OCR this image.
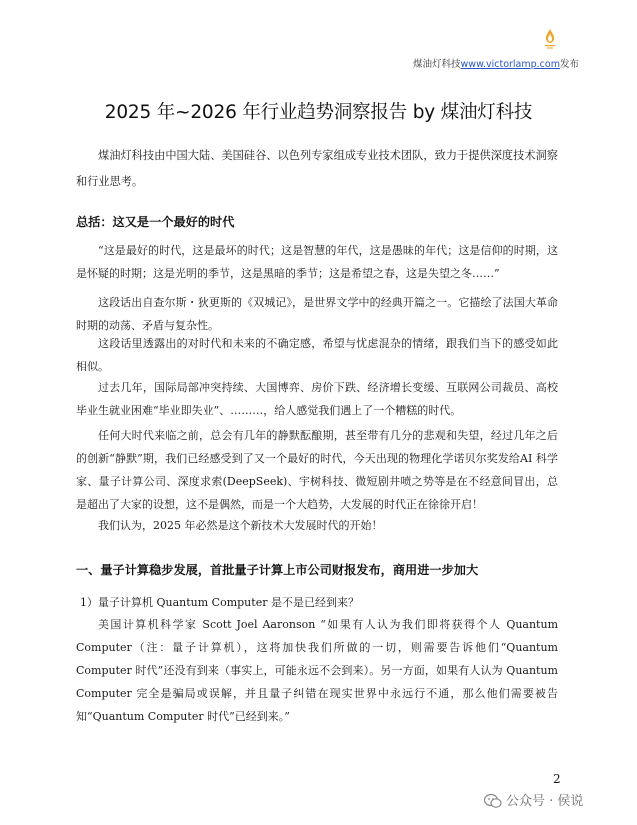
煤油灯科技www.victorlamp.com发布
2025 年~2026 年行业趋势洞察报告 by 煤油灯科技
煤油灯科技由中国大陆、美国硅谷、以色列专家组成专业技术团队，致力于提供深度技术洞察和行业思考。
总括：这又是一个最好的时代
“这是最好的时代，这是最坏的时代；这是智慧的年代，这是愚昧的年代；这是信仰的时期，这是怀疑的时期；这是光明的季节，这是黑暗的季节；这是希望之春，这是失望之冬……”
这段话出自查尔斯・狄更斯的《双城记》，是世界文学中的经典开篇之一。它描绘了法国大革命时期的动荡、矛盾与复杂性。
这段话里透露出的对时代和未来的不确定感，希望与忧虑混杂的情绪，跟我们当下的感受如此相似。
过去几年，国际局部冲突持续、大国博弈、房价下跌、经济增长变缓、互联网公司裁员、高校毕业生就业困难“毕业即失业”、………，给人感觉我们遇上了一个糟糕的时代。
任何大时代来临之前，总会有几年的静默酝酿期，甚至带有几分的悲观和失望，经过几年之后的创新“静默”期，我们已经感受到了又一个最好的时代，今天出现的物理化学诺贝尔奖发给AI 科学家、量子计算公司、深度求索(DeepSeek)、宇树科技、微短剧井喷之势等是在不经意间冒出，总是超出了大家的设想，这不是偶然，而是一个大趋势，大发展的时代正在徐徐开启！
我们认为，2025 年必然是这个新技术大发展时代的开始！
一、量子计算稳步发展，首批量子计算上市公司财报发布，商用进一步加大
1）量子计算机 Quantum Computer 是不是已经到来？
美国计算机科学家 Scott Joel Aaronson “如果有人认为我们即将获得个人 Quantum Computer（注：量子计算机），这将加快我们所做的一切，则需要告诉他们“Quantum Computer 时代”还没有到来（事实上，可能永远不会到来）。另一方面，如果有人认为 Quantum Computer 完全是骗局或误解，并且量子纠错在现实世界中永远行不通，那么他们需要被告知“Quantum Computer 时代”已经到来。”
2
公众号 · 侯说
